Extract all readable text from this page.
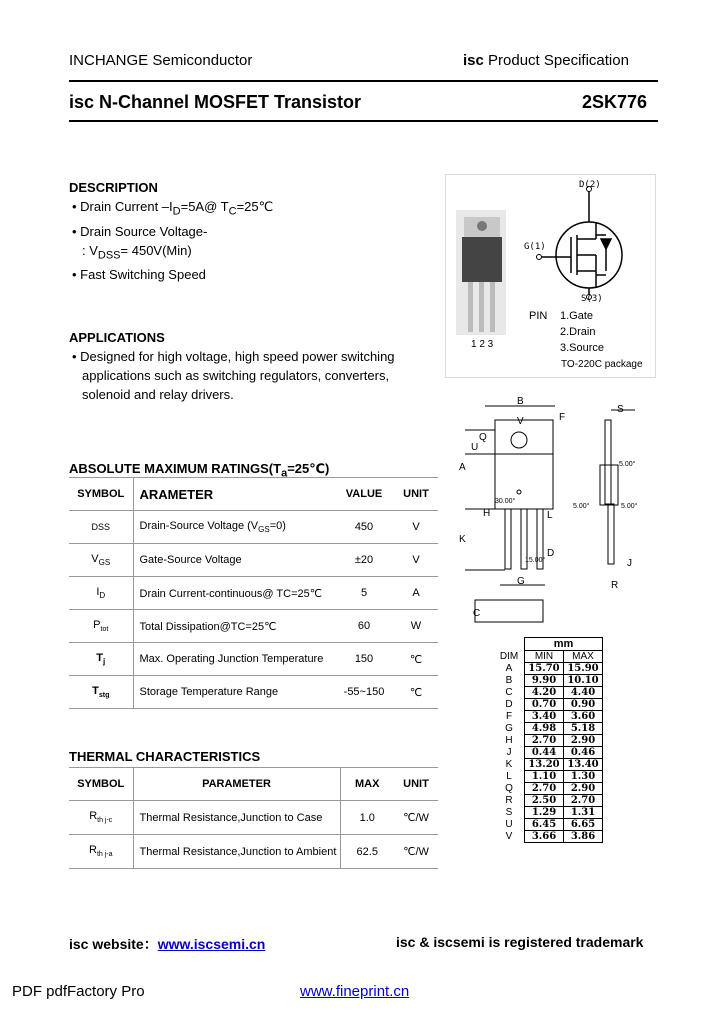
INCHANGE Semiconductor	isc Product Specification
isc N-Channel MOSFET Transistor	2SK776
DESCRIPTION
• Drain Current $-I_D=5A@$ $T_C=25℃$
• Drain Source Voltage-
: $V_{DSS}= 450V(Min)$
• Fast Switching Speed
APPLICATIONS
• Designed for high voltage, high speed power switching
applications such as switching regulators, converters,
solenoid and relay drivers.
ABSOLUTE MAXIMUM $RATINGS(T_a=25℃)$
SYMBOL	ARAMETER	VALUE	UNIT
DSS	Drain-Source Voltage $(V_{GS}=0)$	450	V
$V_{GS}$	Gate-Source Voltage	±20	V
$I_D$	Drain Current-continuous@ TC=25℃	5	A
$P_{tot}$	Total Dissipation@TC=25℃	60	W
$T_j$	Max. Operating Junction Temperature	150	℃
$T_{stg}$	Storage Temperature Range	-55~150	℃
THERMAL CHARACTERISTICS
SYMBOL	PARAMETER	MAX	UNIT
$R_{th j-c}$	Thermal Resistance,Junction to Case	1.0	℃/W
$R_{th j-a}$	Thermal Resistance,Junction to Ambient	62.5	℃/W
1 2 3
D(2)
G(1)
S(3)
PIN 1.Gate
2.Drain
3.Source
TO-220C package
B
V	F
S
Q
U
A
H	L
K
D
G
J
R
C
30.00°
15.00°
5.00°
5.00°	5.00°
	mm	
DIM	MIN	MAX
A	15.70	15.90
B	9.90	10.10
C	4.20	4.40
D	0.70	0.90
F	3.40	3.60
G	4.98	5.18
H	2.70	2.90
J	0.44	0.46
K	13.20	13.40
L	1.10	1.30
Q	2.70	2.90
R	2.50	2.70
S	1.29	1.31
U	6.45	6.65
V	3.66	3.86
isc website：www.iscsemi.cn	isc & iscsemi is registered trademark
PDF pdfFactory Pro	www.fineprint.cn
